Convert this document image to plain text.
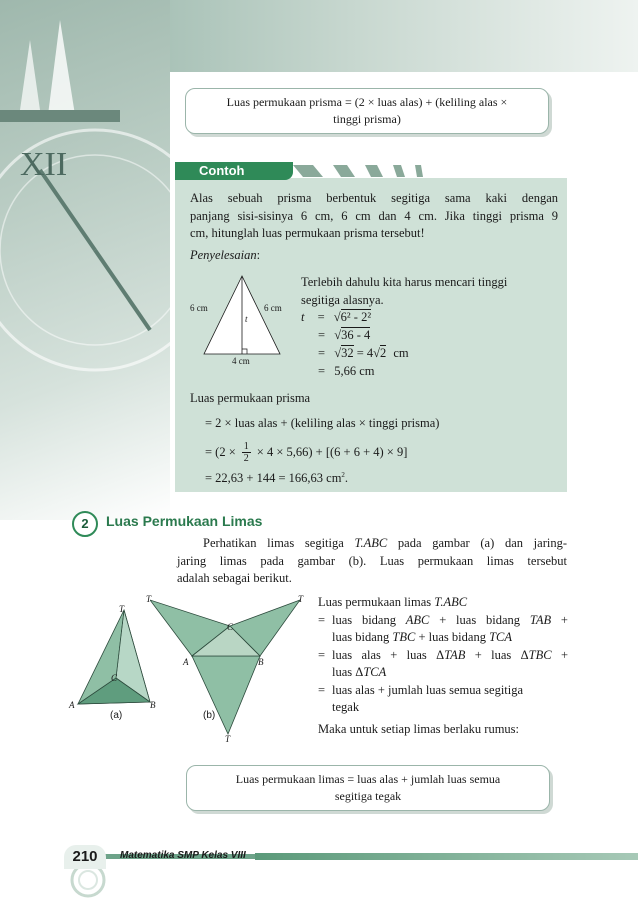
XII
Luas permukaan prisma = (2 × luas alas) + (keliling alas ×
tinggi prisma)
Contoh
Alas sebuah prisma berbentuk segitiga sama kaki dengan
panjang sisi-sisinya 6 cm, 6 cm dan 4 cm. Jika tinggi prisma 9
cm, hitunglah luas permukaan prisma tersebut!
Penyelesaian:
6 cm	6 cm
t
4 cm
Terlebih dahulu kita harus mencari tinggi
segitiga alasnya.
t = √6² - 2²
= √36 - 4
= √32 = 4√2 cm
= 5,66 cm
Luas permukaan prisma
= 2 × luas alas + (keliling alas × tinggi prisma)
= $(2 \times \frac{1}{2} \times 4 \times 5,66) + [(6 + 6 + 4) \times 9]$
= 22,63 + 144 = 166,63 $cm^2$.
2	Luas Permukaan Limas
Perhatikan limas segitiga T.ABC pada gambar (a) dan jaring-
jaring limas pada gambar (b). Luas permukaan limas tersebut
adalah sebagai berikut.
T
C
A	B
(a)
T	T
C
A	B
T
(b)
Luas permukaan limas T.ABC
= luas bidang ABC + luas bidang TAB +
luas bidang TBC + luas bidang TCA
= luas alas + luas ΔTAB + luas ΔTBC +
luas ΔTCA
= luas alas + jumlah luas semua segitiga
tegak
Maka untuk setiap limas berlaku rumus:
Luas permukaan limas = luas alas + jumlah luas semua
segitiga tegak
210	Matematika SMP Kelas VIII
